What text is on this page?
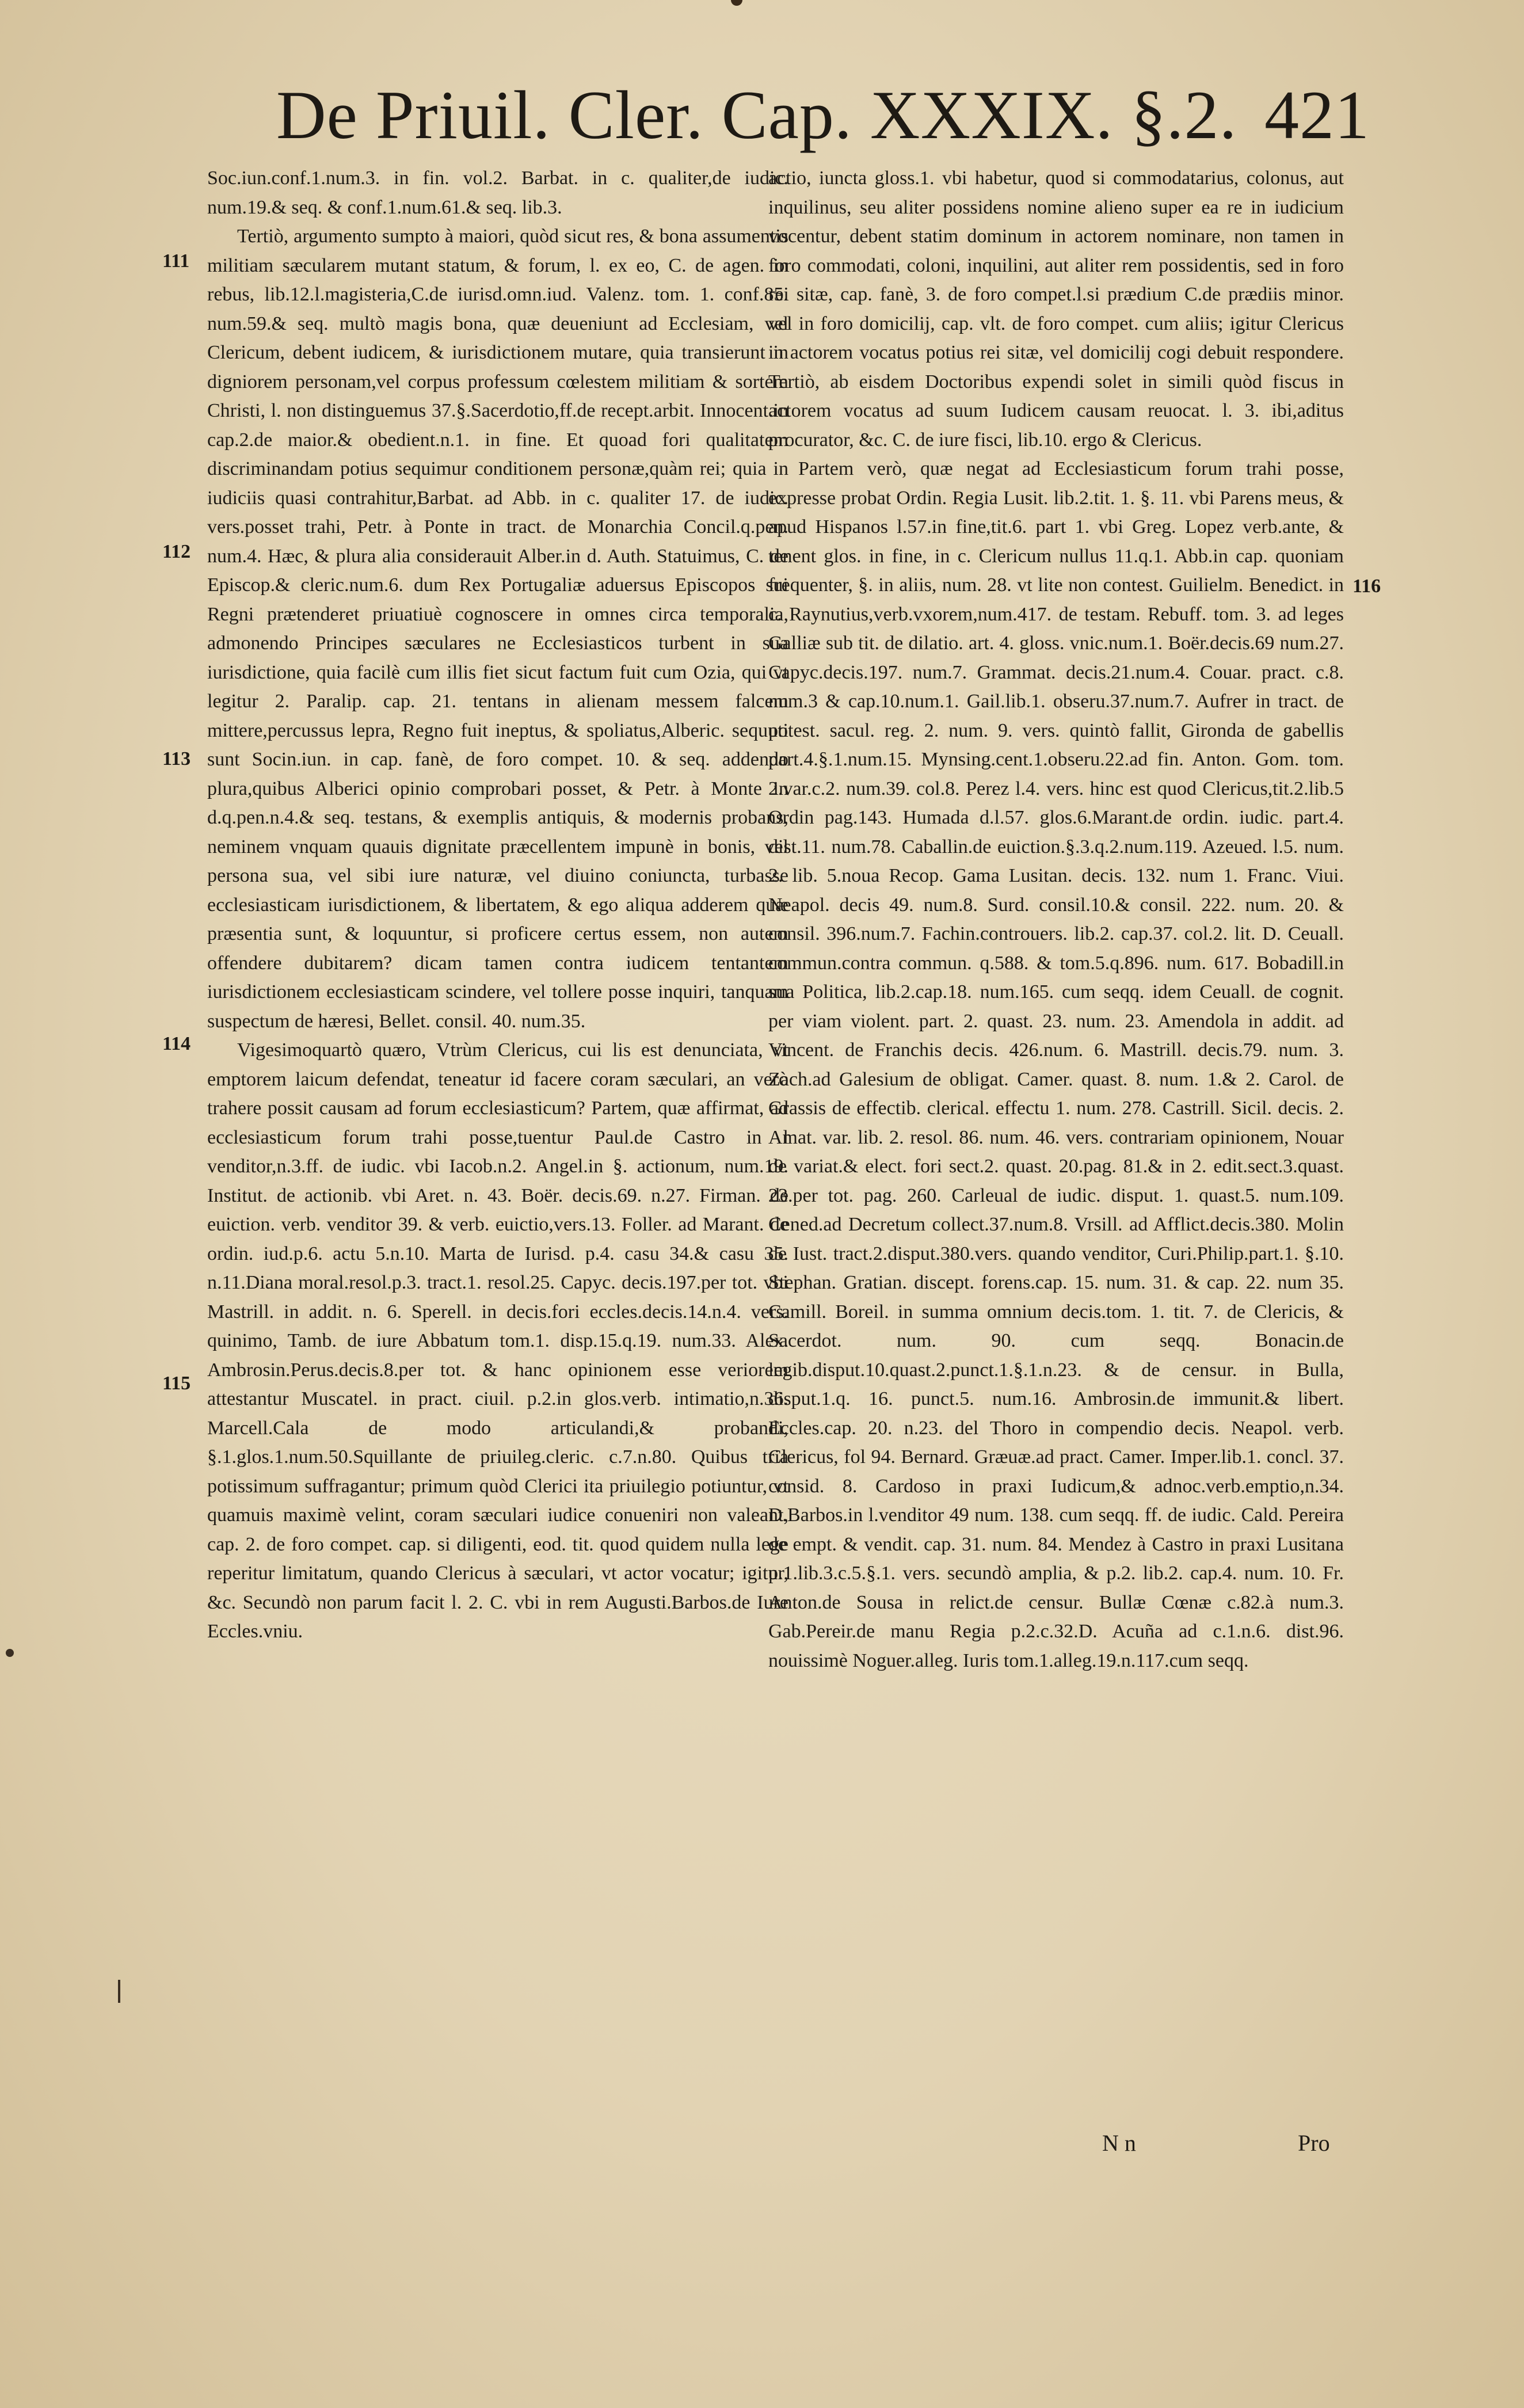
De Priuil. Cler. Cap. XXXIX. §.2. 421
111
112
113
114
115
116

Soc.iun.conf.1.num.3. in fin. vol.2. Barbat. in c. qualiter,de iudic. num.19.& seq. & conf.1.num.61.& seq. lib.3.

Tertiò, argumento sumpto à maiori, quòd sicut res, & bona assumentis militiam sæcularem mutant statum, & forum, l. ex eo, C. de agen. in rebus, lib.12.l.magisteria,C.de iurisd.omn.iud. Valenz. tom. 1. conf.85. num.59.& seq. multò magis bona, quæ deueniunt ad Ecclesiam, vel Clericum, debent iudicem, & iurisdictionem mutare, quia transierunt in digniorem personam,vel corpus professum cœlestem militiam & sortem Christi, l. non distinguemus 37.§.Sacerdotio,ff.de recept.arbit. Innocent.in cap.2.de maior.& obedient.n.1. in fine. Et quoad fori qualitatem discriminandam potius sequimur conditionem personæ,quàm rei; quia in iudiciis quasi contrahitur,Barbat. ad Abb. in c. qualiter 17. de iudic. vers.posset trahi, Petr. à Ponte in tract. de Monarchia Concil.q.pen. num.4. Hæc, & plura alia considerauit Alber.in d. Auth. Statuimus, C. de Episcop.& cleric.num.6. dum Rex Portugaliæ aduersus Episcopos sui Regni prætenderet priuatiuè cognoscere in omnes circa temporalia, admonendo Principes sæculares ne Ecclesiasticos turbent in sua iurisdictione, quia facilè cum illis fiet sicut factum fuit cum Ozia, qui vt legitur 2. Paralip. cap. 21. tentans in alienam messem falcem mittere,percussus lepra, Regno fuit ineptus, & spoliatus,Alberic. sequuti sunt Socin.iun. in cap. fanè, de foro compet. 10. & seq. addendo plura,quibus Alberici opinio comprobari posset, & Petr. à Monte in d.q.pen.n.4.& seq. testans, & exemplis antiquis, & modernis probans, neminem vnquam quauis dignitate præcellentem impunè in bonis, vel persona sua, vel sibi iure naturæ, vel diuino coniuncta, turbasse ecclesiasticam iurisdictionem, & libertatem, & ego aliqua adderem quæ præsentia sunt, & loquuntur, si proficere certus essem, non autem offendere dubitarem? dicam tamen contra iudicem tentantem iurisdictionem ecclesiasticam scindere, vel tollere posse inquiri, tanquam suspectum de hæresi, Bellet. consil. 40. num.35.

Vigesimoquartò quæro, Vtrùm Clericus, cui lis est denunciata, vt emptorem laicum defendat, teneatur id facere coram sæculari, an verò trahere possit causam ad forum ecclesiasticum? Partem, quæ affirmat, ad ecclesiasticum forum trahi posse,tuentur Paul.de Castro in l venditor,n.3.ff. de iudic. vbi Iacob.n.2. Angel.in §. actionum, num.19. Institut. de actionib. vbi Aret. n. 43. Boër. decis.69. n.27. Firman. de euiction. verb. venditor 39. & verb. euictio,vers.13. Foller. ad Marant. de ordin. iud.p.6. actu 5.n.10. Marta de Iurisd. p.4. casu 34.& casu 35. n.11.Diana moral.resol.p.3. tract.1. resol.25. Capyc. decis.197.per tot. vbi Mastrill. in addit. n. 6. Sperell. in decis.fori eccles.decis.14.n.4. vers. quinimo, Tamb. de iure Abbatum tom.1. disp.15.q.19. num.33. Alex. Ambrosin.Perus.decis.8.per tot. & hanc opinionem esse veriorem attestantur Muscatel. in pract. ciuil. p.2.in glos.verb. intimatio,n.36. Marcell.Cala de modo articulandi,& probandi, §.1.glos.1.num.50.Squillante de priuileg.cleric. c.7.n.80. Quibus tria potissimum suffragantur; primum quòd Clerici ita priuilegio potiuntur, vt quamuis maximè velint, coram sæculari iudice conueniri non valeant, cap. 2. de foro compet. cap. si diligenti, eod. tit. quod quidem nulla lege reperitur limitatum, quando Clericus à sæculari, vt actor vocatur; igitur, &c. Secundò non parum facit l. 2. C. vbi in rem Augusti.Barbos.de Iure Eccles.vniu.

actio, iuncta gloss.1. vbi habetur, quod si commodatarius, colonus, aut inquilinus, seu aliter possidens nomine alieno super ea re in iudicium vocentur, debent statim dominum in actorem nominare, non tamen in foro commodati, coloni, inquilini, aut aliter rem possidentis, sed in foro rei sitæ, cap. fanè, 3. de foro compet.l.si prædium C.de prædiis minor. vel in foro domicilij, cap. vlt. de foro compet. cum aliis; igitur Clericus in actorem vocatus potius rei sitæ, vel domicilij cogi debuit respondere. Tertiò, ab eisdem Doctoribus expendi solet in simili quòd fiscus in actorem vocatus ad suum Iudicem causam reuocat. l. 3. ibi,aditus procurator, &c. C. de iure fisci, lib.10. ergo & Clericus.

Partem verò, quæ negat ad Ecclesiasticum forum trahi posse, expresse probat Ordin. Regia Lusit. lib.2.tit. 1. §. 11. vbi Parens meus, & apud Hispanos l.57.in fine,tit.6. part 1. vbi Greg. Lopez verb.ante, & tenent glos. in fine, in c. Clericum nullus 11.q.1. Abb.in cap. quoniam frequenter, §. in aliis, num. 28. vt lite non contest. Guilielm. Benedict. in c. Raynutius,verb.vxorem,num.417. de testam. Rebuff. tom. 3. ad leges Galliæ sub tit. de dilatio. art. 4. gloss. vnic.num.1. Boër.decis.69 num.27. Capyc.decis.197. num.7. Grammat. decis.21.num.4. Couar. pract. c.8. num.3 & cap.10.num.1. Gail.lib.1. obseru.37.num.7. Aufrer in tract. de potest. sacul. reg. 2. num. 9. vers. quintò fallit, Gironda de gabellis part.4.§.1.num.15. Mynsing.cent.1.obseru.22.ad fin. Anton. Gom. tom. 2.var.c.2. num.39. col.8. Perez l.4. vers. hinc est quod Clericus,tit.2.lib.5 Ordin pag.143. Humada d.l.57. glos.6.Marant.de ordin. iudic. part.4. dist.11. num.78. Caballin.de euiction.§.3.q.2.num.119. Azeued. l.5. num. 2. lib. 5.noua Recop. Gama Lusitan. decis. 132. num 1. Franc. Viui. Neapol. decis 49. num.8. Surd. consil.10.& consil. 222. num. 20. & consil. 396.num.7. Fachin.controuers. lib.2. cap.37. col.2. lit. D. Ceuall. commun.contra commun. q.588. & tom.5.q.896. num. 617. Bobadill.in sua Politica, lib.2.cap.18. num.165. cum seqq. idem Ceuall. de cognit. per viam violent. part. 2. quast. 23. num. 23. Amendola in addit. ad Vincent. de Franchis decis. 426.num. 6. Mastrill. decis.79. num. 3. Zach.ad Galesium de obligat. Camer. quast. 8. num. 1.& 2. Carol. de Grassis de effectib. clerical. effectu 1. num. 278. Castrill. Sicil. decis. 2. Amat. var. lib. 2. resol. 86. num. 46. vers. contrariam opinionem, Nouar de variat.& elect. fori sect.2. quast. 20.pag. 81.& in 2. edit.sect.3.quast. 23.per tot. pag. 260. Carleual de iudic. disput. 1. quast.5. num.109. Cened.ad Decretum collect.37.num.8. Vrsill. ad Afflict.decis.380. Molin de Iust. tract.2.disput.380.vers. quando venditor, Curi.Philip.part.1. §.10. Stephan. Gratian. discept. forens.cap. 15. num. 31. & cap. 22. num 35. Camill. Boreil. in summa omnium decis.tom. 1. tit. 7. de Clericis, & Sacerdot. num. 90. cum seqq. Bonacin.de legib.disput.10.quast.2.punct.1.§.1.n.23. & de censur. in Bulla, disput.1.q. 16. punct.5. num.16. Ambrosin.de immunit.& libert. Eccles.cap. 20. n.23. del Thoro in compendio decis. Neapol. verb. Clericus, fol 94. Bernard. Græuæ.ad pract. Camer. Imper.lib.1. concl. 37. consid. 8. Cardoso in praxi Iudicum,& adnoc.verb.emptio,n.34. D.Barbos.in l.venditor 49 num. 138. cum seqq. ff. de iudic. Cald. Pereira de empt. & vendit. cap. 31. num. 84. Mendez à Castro in praxi Lusitana p.1.lib.3.c.5.§.1. vers. secundò amplia, & p.2. lib.2. cap.4. num. 10. Fr. Anton.de Sousa in relict.de censur. Bullæ Cœnæ c.82.à num.3. Gab.Pereir.de manu Regia p.2.c.32.D. Acuña ad c.1.n.6. dist.96. nouissimè Noguer.alleg. Iuris tom.1.alleg.19.n.117.cum seqq.

N n	Pro
